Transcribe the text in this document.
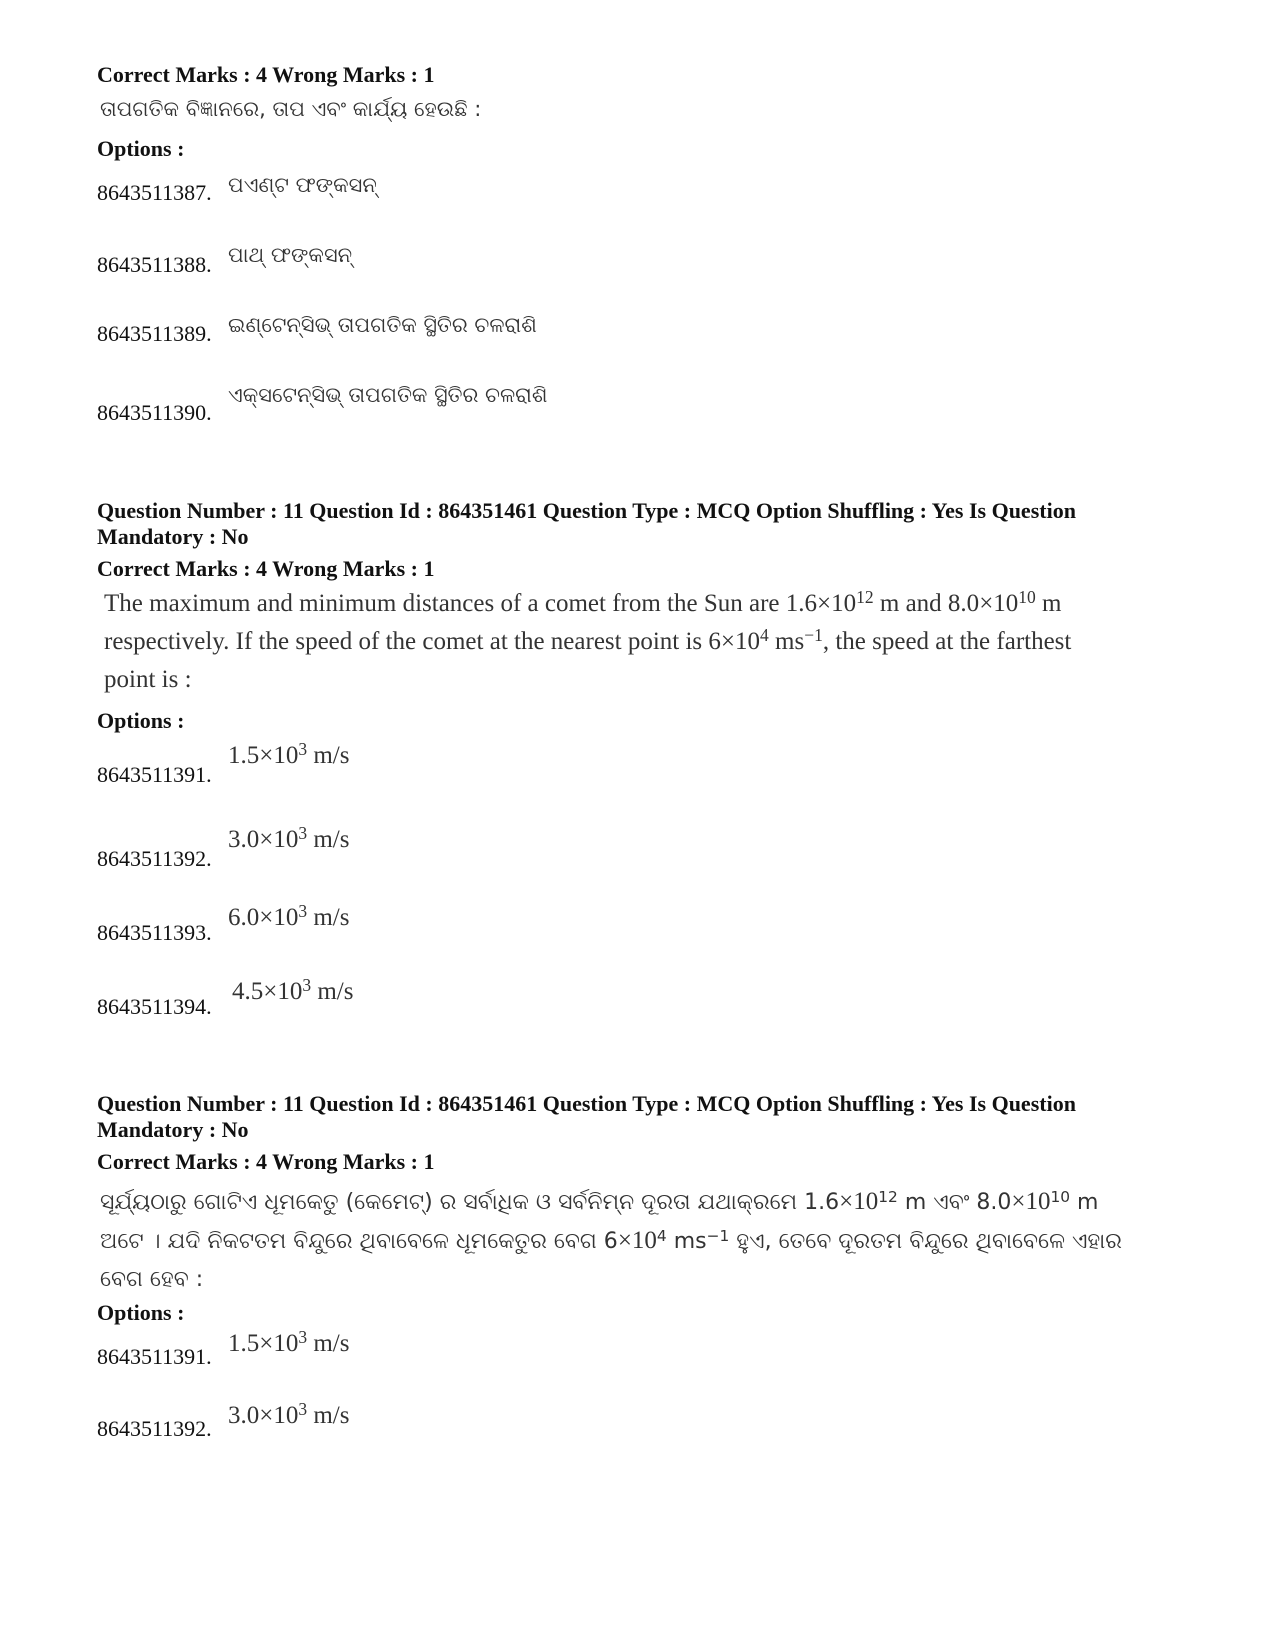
Correct Marks : 4 Wrong Marks : 1
ତାପଗତିକ ବିଜ୍ଞାନରେ, ତାପ ଏବଂ କାର୍ଯ୍ୟ ହେଉଛି :
Options :
8643511387. ପଏଣ୍ଟ ଫଙ୍କସନ୍
8643511388. ପାଥ୍ ଫଙ୍କସନ୍
8643511389. ଇଣ୍ଟେନ୍‌ସିଭ୍ ତାପଗତିକ ସ୍ଥିତିର ଚଳରାଶି
8643511390.
ଏକ୍ସଟେନ୍‌ସିଭ୍ ତାପଗତିକ ସ୍ଥିତିର ଚଳରାଶି
Question Number : 11 Question Id : 864351461 Question Type : MCQ Option Shuffling : Yes Is Question Mandatory : No
Correct Marks : 4 Wrong Marks : 1
The maximum and minimum distances of a comet from the Sun are $1.6\times 10^{12}$ m and $8.0\times 10^{10}$ m respectively. If the speed of the comet at the nearest point is $6\times 10^4$ $ms^{-1}$, the speed at the farthest point is :
Options :
8643511391.
$1.5\times 10^3$ m/s
8643511392.
$3.0\times 10^3$ m/s
8643511393.
$6.0\times 10^3$ m/s
8643511394.
$4.5\times 10^3$ m/s
Question Number : 11 Question Id : 864351461 Question Type : MCQ Option Shuffling : Yes Is Question Mandatory : No
Correct Marks : 4 Wrong Marks : 1
ସୂର୍ଯ୍ୟଠାରୁ ଗୋଟିଏ ଧୂମକେତୁ (କେମେଟ୍) ର ସର୍ବାଧିକ ଓ ସର୍ବନିମ୍ନ ଦୂରତା ଯଥାକ୍ରମେ $1.6\times 10^{12}$ m ଏବଂ $8.0\times 10^{10}$ m ଅଟେ । ଯଦି ନିକଟତମ ବିନ୍ଦୁରେ ଥିବାବେଳେ ଧୂମକେତୁର ବେଗ $6\times 10^4$ $ms^{-1}$ ହୁଏ, ତେବେ ଦୂରତମ ବିନ୍ଦୁରେ ଥିବାବେଳେ ଏହାର ବେଗ ହେବ :
Options :
8643511391. $1.5\times 10^3$ m/s
8643511392. $3.0\times 10^3$ m/s
